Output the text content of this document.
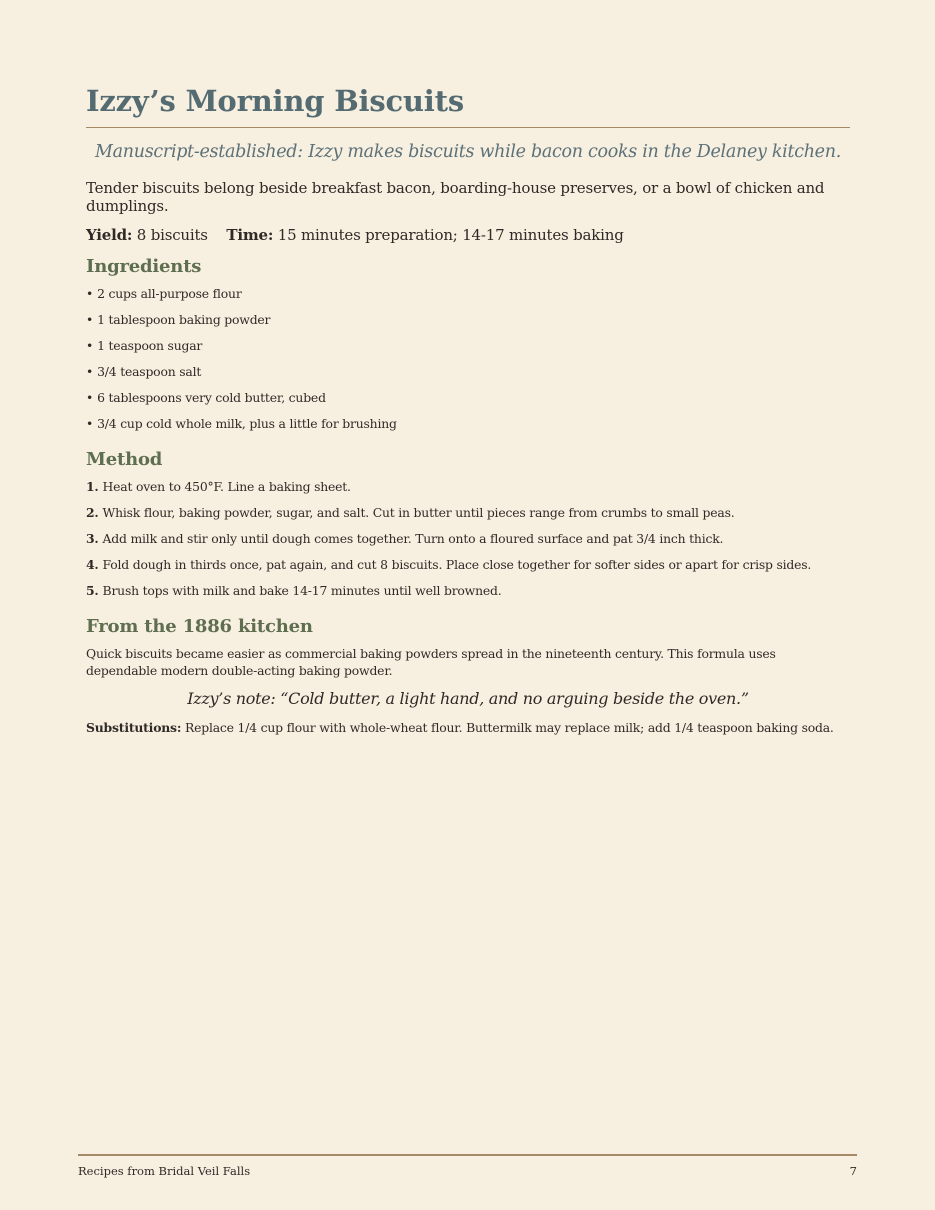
Izzy’s Morning Biscuits

Manuscript-established: Izzy makes biscuits while bacon cooks in the Delaney kitchen.

Tender biscuits belong beside breakfast bacon, boarding-house preserves, or a bowl of chicken and dumplings.

Yield: 8 biscuits Time: 15 minutes preparation; 14-17 minutes baking

Ingredients
• 2 cups all-purpose flour
• 1 tablespoon baking powder
• 1 teaspoon sugar
• 3/4 teaspoon salt
• 6 tablespoons very cold butter, cubed
• 3/4 cup cold whole milk, plus a little for brushing
Method
1. Heat oven to 450°F. Line a baking sheet.
2. Whisk flour, baking powder, sugar, and salt. Cut in butter until pieces range from crumbs to small peas.
3. Add milk and stir only until dough comes together. Turn onto a floured surface and pat 3/4 inch thick.
4. Fold dough in thirds once, pat again, and cut 8 biscuits. Place close together for softer sides or apart for crisp sides.
5. Brush tops with milk and bake 14-17 minutes until well browned.
From the 1886 kitchen

Quick biscuits became easier as commercial baking powders spread in the nineteenth century. This formula uses dependable modern double-acting baking powder.

Izzy’s note: “Cold butter, a light hand, and no arguing beside the oven.”

Substitutions: Replace 1/4 cup flour with whole-wheat flour. Buttermilk may replace milk; add 1/4 teaspoon baking soda.

Recipes from Bridal Veil Falls	7
